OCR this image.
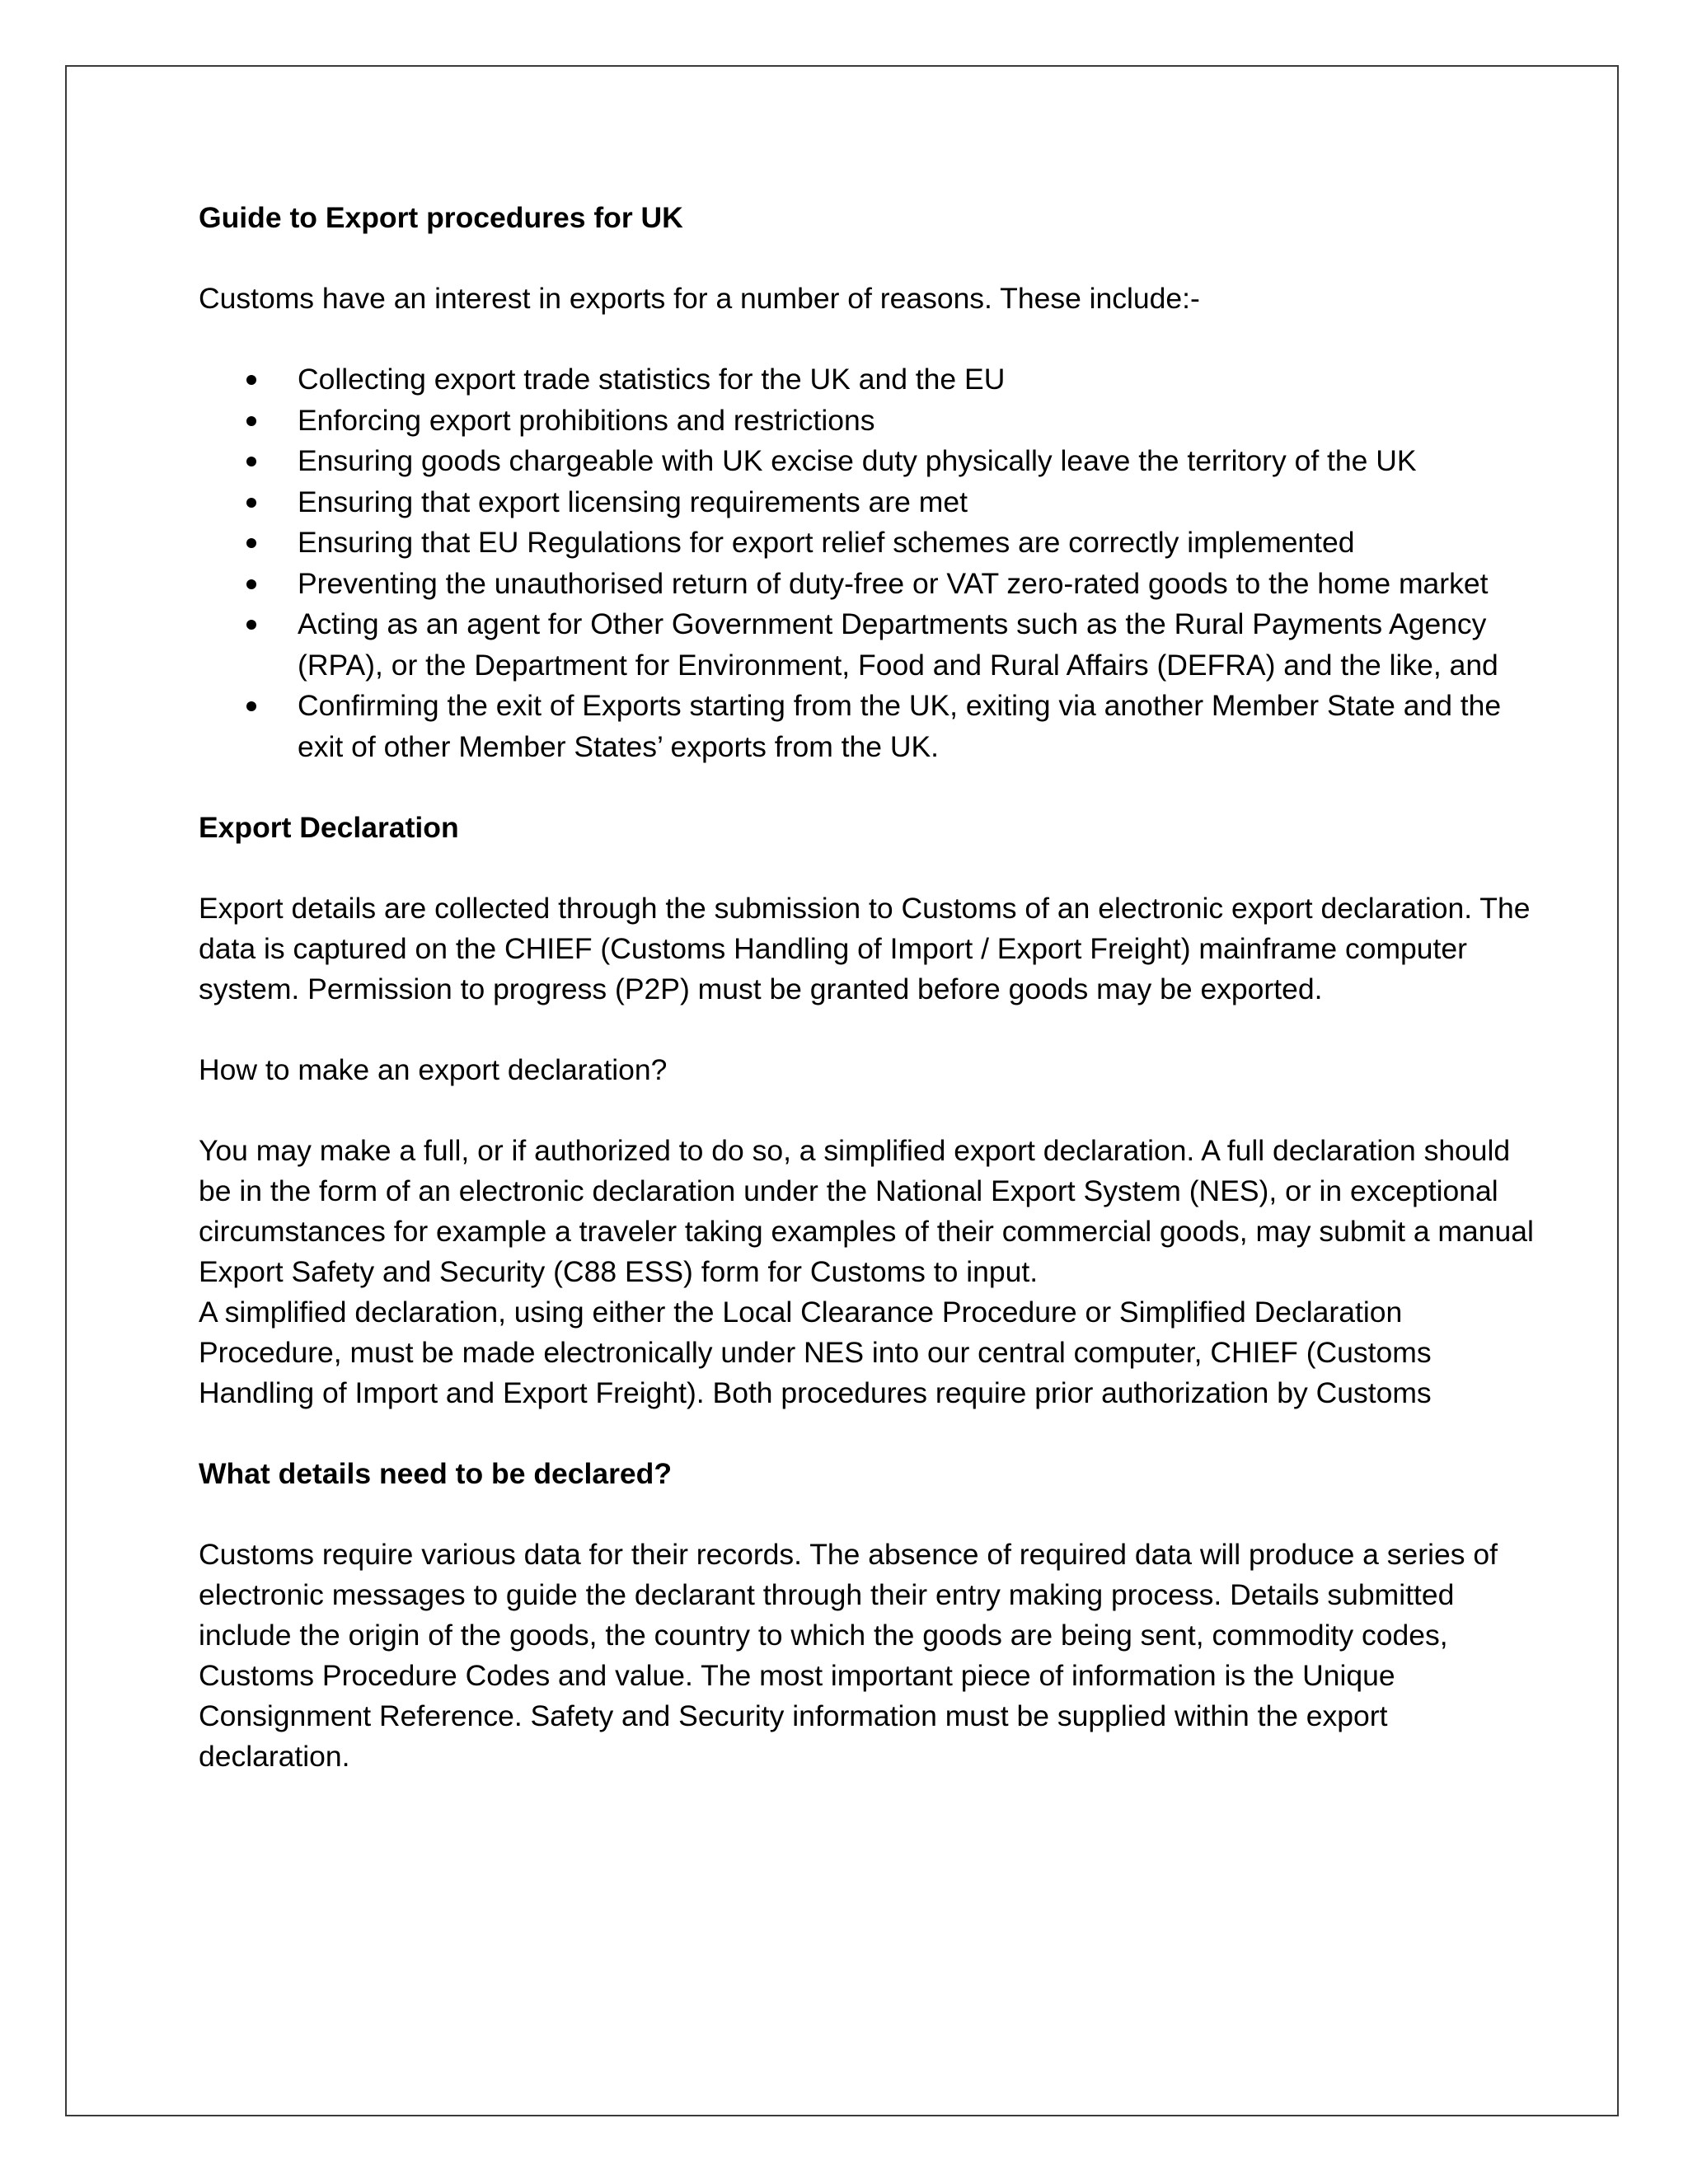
Guide to Export procedures for UK

Customs have an interest in exports for a number of reasons. These include:-

Collecting export trade statistics for the UK and the EU
Enforcing export prohibitions and restrictions
Ensuring goods chargeable with UK excise duty physically leave the territory of the UK
Ensuring that export licensing requirements are met
Ensuring that EU Regulations for export relief schemes are correctly implemented
Preventing the unauthorised return of duty-free or VAT zero-rated goods to the home market
Acting as an agent for Other Government Departments such as the Rural Payments Agency (RPA), or the Department for Environment, Food and Rural Affairs (DEFRA) and the like, and
Confirming the exit of Exports starting from the UK, exiting via another Member State and the exit of other Member States’ exports from the UK.

Export Declaration

Export details are collected through the submission to Customs of an electronic export declaration. The data is captured on the CHIEF (Customs Handling of Import / Export Freight) mainframe computer system. Permission to progress (P2P) must be granted before goods may be exported.

How to make an export declaration?

You may make a full, or if authorized to do so, a simplified export declaration. A full declaration should be in the form of an electronic declaration under the National Export System (NES), or in exceptional circumstances for example a traveler taking examples of their commercial goods, may submit a manual Export Safety and Security (C88 ESS) form for Customs to input.

A simplified declaration, using either the Local Clearance Procedure or Simplified Declaration Procedure, must be made electronically under NES into our central computer, CHIEF (Customs Handling of Import and Export Freight). Both procedures require prior authorization by Customs

What details need to be declared?

Customs require various data for their records. The absence of required data will produce a series of electronic messages to guide the declarant through their entry making process. Details submitted include the origin of the goods, the country to which the goods are being sent, commodity codes, Customs Procedure Codes and value. The most important piece of information is the Unique Consignment Reference. Safety and Security information must be supplied within the export declaration.
